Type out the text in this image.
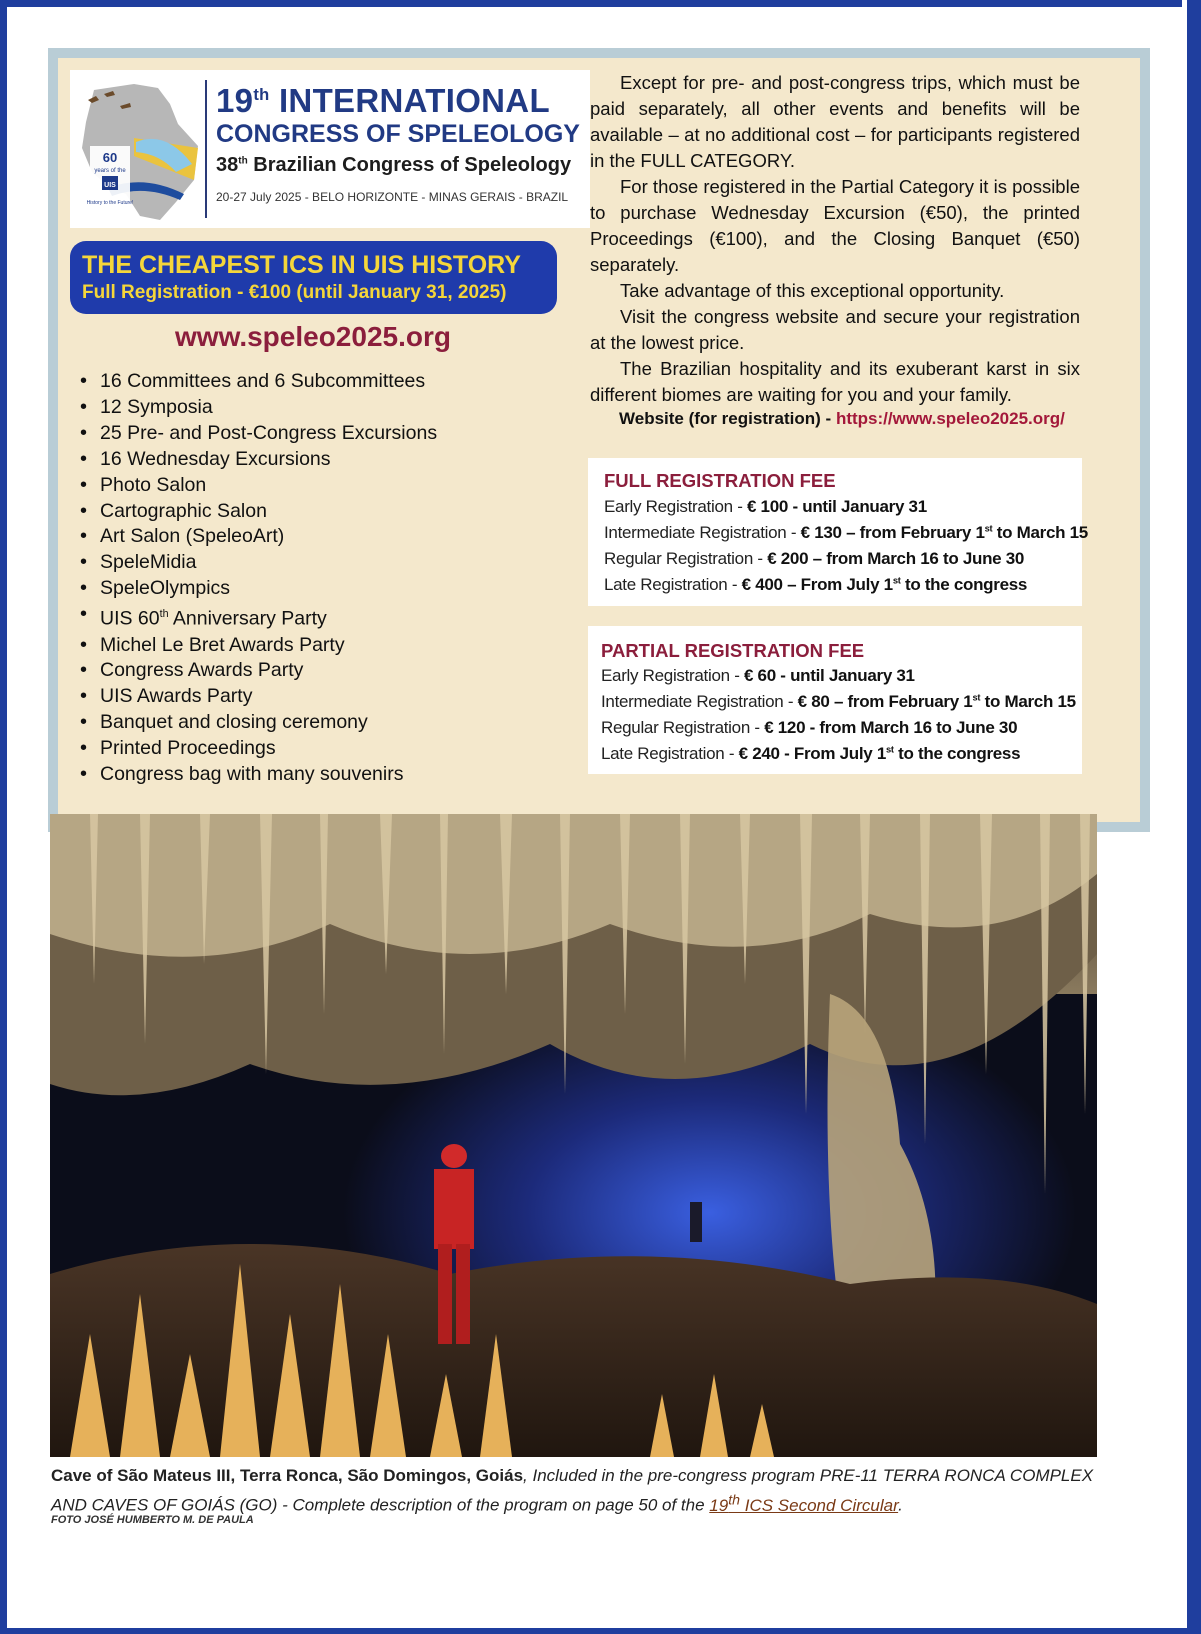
60
years of the
UIS
History to the Future!
19th INTERNATIONAL
CONGRESS OF SPELEOLOGY
38th Brazilian Congress of Speleology
20-27 July 2025 - BELO HORIZONTE - MINAS GERAIS - BRAZIL
THE CHEAPEST ICS IN UIS HISTORY
Full Registration - €100 (until January 31, 2025)
www.speleo2025.org
• 16 Committees and 6 Subcommittees
• 12 Symposia
• 25 Pre- and Post-Congress Excursions
• 16 Wednesday Excursions
• Photo Salon
• Cartographic Salon
• Art Salon (SpeleoArt)
• SpeleMidia
• SpeleOlympics
• UIS 60th Anniversary Party
• Michel Le Bret Awards Party
• Congress Awards Party
• UIS Awards Party
• Banquet and closing ceremony
• Printed Proceedings
• Congress bag with many souvenirs

Except for pre- and post-congress trips, which must be paid separately, all other events and benefits will be available – at no additional cost – for participants registered in the FULL CATEGORY.

For those registered in the Partial Category it is possible to purchase Wednesday Excursion (€50), the printed Proceedings (€100), and the Closing Banquet (€50) separately.

Take advantage of this exceptional opportunity.

Visit the congress website and secure your registration at the lowest price.

The Brazilian hospitality and its exuberant karst in six different biomes are waiting for you and your family.

Website (for registration) - https://www.speleo2025.org/
FULL REGISTRATION FEE
Early Registration - € 100 - until January 31
Intermediate Registration - € 130 – from February 1st to March 15
Regular Registration - € 200 – from March 16 to June 30
Late Registration - € 400 – From July 1st to the congress
PARTIAL REGISTRATION FEE
Early Registration - € 60 - until January 31
Intermediate Registration - € 80 – from February 1st to March 15
Regular Registration - € 120 - from March 16 to June 30
Late Registration - € 240 - From July 1st to the congress
Cave of São Mateus III, Terra Ronca, São Domingos, Goiás, Included in the pre-congress program PRE-11 TERRA RONCA COMPLEX AND CAVES OF GOIÁS (GO) - Complete description of the program on page 50 of the 19th ICS Second Circular.
FOTO JOSÉ HUMBERTO M. DE PAULA
